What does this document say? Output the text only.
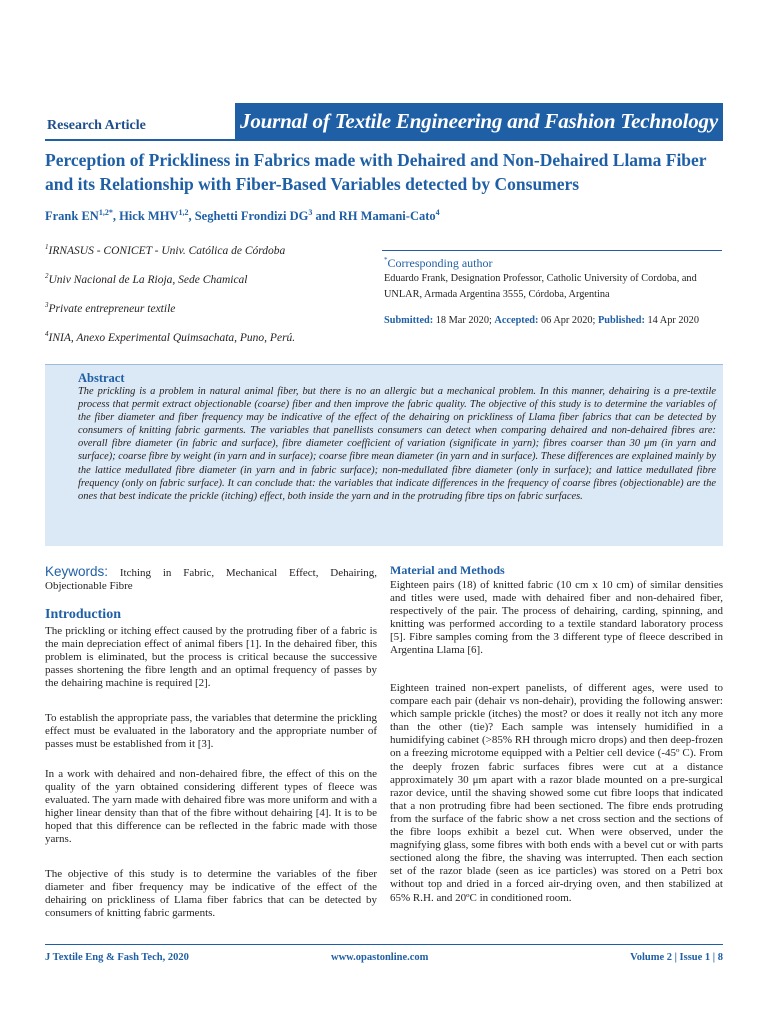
Research Article	Journal of Textile Engineering and Fashion Technology
Perception of Prickliness in Fabrics made with Dehaired and Non-Dehaired Llama Fiber and its Relationship with Fiber-Based Variables detected by Consumers
Frank $EN^{1,2*}$, Hick MHV$^{1,2}$, Seghetti Frondizi $DG^3$ and RH Mamani-Cato$^4$
$^1$IRNASUS - CONICET - Univ. Católica de Córdoba
$^2$Univ Nacional de La Rioja, Sede Chamical
$^3$Private entrepreneur textile
$^4$INIA, Anexo Experimental Quimsachata, Puno, Perú.
*Corresponding author
Eduardo Frank, Designation Professor, Catholic University of Cordoba, and UNLAR, Armada Argentina 3555, Córdoba, Argentina
Submitted: 18 Mar 2020; Accepted: 06 Apr 2020; Published: 14 Apr 2020
Abstract
The prickling is a problem in natural animal fiber, but there is no an allergic but a mechanical problem. In this manner, dehairing is a pre-textile process that permit extract objectionable (coarse) fiber and then improve the fabric quality. The objective of this study is to determine the variables of the fiber diameter and fiber frequency may be indicative of the effect of the dehairing on prickliness of Llama fiber fabrics that can be detected by consumers of knitting fabric garments. The variables that panellists consumers can detect when comparing dehaired and non-dehaired fibres are: overall fibre diameter (in fabric and surface), fibre diameter coefficient of variation (significate in yarn); fibres coarser than 30 μm (in yarn and surface); coarse fibre by weight (in yarn and in surface); coarse fibre mean diameter (in yarn and in surface). These differences are explained mainly by the lattice medullated fibre diameter (in yarn and in fabric surface); non-medullated fibre diameter (only in surface); and lattice medullated fibre frequency (only on fabric surface). It can conclude that: the variables that indicate differences in the frequency of coarse fibres (objectionable) are the ones that best indicate the prickle (itching) effect, both inside the yarn and in the protruding fibre tips on fabric surfaces.
Keywords: Itching in Fabric, Mechanical Effect, Dehairing, Objectionable Fibre
Introduction
The prickling or itching effect caused by the protruding fiber of a fabric is the main depreciation effect of animal fibers [1]. In the dehaired fiber, this problem is eliminated, but the process is critical because the successive passes shortening the fibre length and an optimal frequency of passes by the dehairing machine is required [2].
To establish the appropriate pass, the variables that determine the prickling effect must be evaluated in the laboratory and the appropriate number of passes must be established from it [3].
In a work with dehaired and non-dehaired fibre, the effect of this on the quality of the yarn obtained considering different types of fleece was evaluated. The yarn made with dehaired fibre was more uniform and with a higher linear density than that of the fibre without dehairing [4]. It is to be hoped that this difference can be reflected in the fabric made with those yarns.
The objective of this study is to determine the variables of the fiber diameter and fiber frequency may be indicative of the effect of the dehairing on prickliness of Llama fiber fabrics that can be detected by consumers of knitting fabric garments.
Material and Methods
Eighteen pairs (18) of knitted fabric (10 cm x 10 cm) of similar densities and titles were used, made with dehaired fiber and non-dehaired fiber, respectively of the pair. The process of dehairing, carding, spinning, and knitting was performed according to a textile standard laboratory process [5]. Fibre samples coming from the 3 different type of fleece described in Argentina Llama [6].
Eighteen trained non-expert panelists, of different ages, were used to compare each pair (dehair vs non-dehair), providing the following answer: which sample prickle (itches) the most? or does it really not itch any more than the other (tie)? Each sample was intensely humidified in a humidifying cabinet (>85% RH through micro drops) and then deep-frozen on a freezing microtome equipped with a Peltier cell device (-45º C). From the deeply frozen fabric surfaces fibres were cut at a distance approximately 30 μm apart with a razor blade mounted on a pre-surgical razor device, until the shaving showed some cut fibre loops that indicated that a non protruding fibre had been sectioned. The fibre ends protruding from the surface of the fabric show a net cross section and the sections of the fibre loops exhibit a bezel cut. When were observed, under the magnifying glass, some fibres with both ends with a bevel cut or with parts sectioned along the fibre, the shaving was interrupted. Then each section set of the razor blade (seen as ice particles) was stored on a Petri box without top and dried in a forced air-drying oven, and then stabilized at 65% R.H. and 20ºC in conditioned room.
J Textile Eng & Fash Tech, 2020	www.opastonline.com	Volume 2 | Issue 1 | 8
